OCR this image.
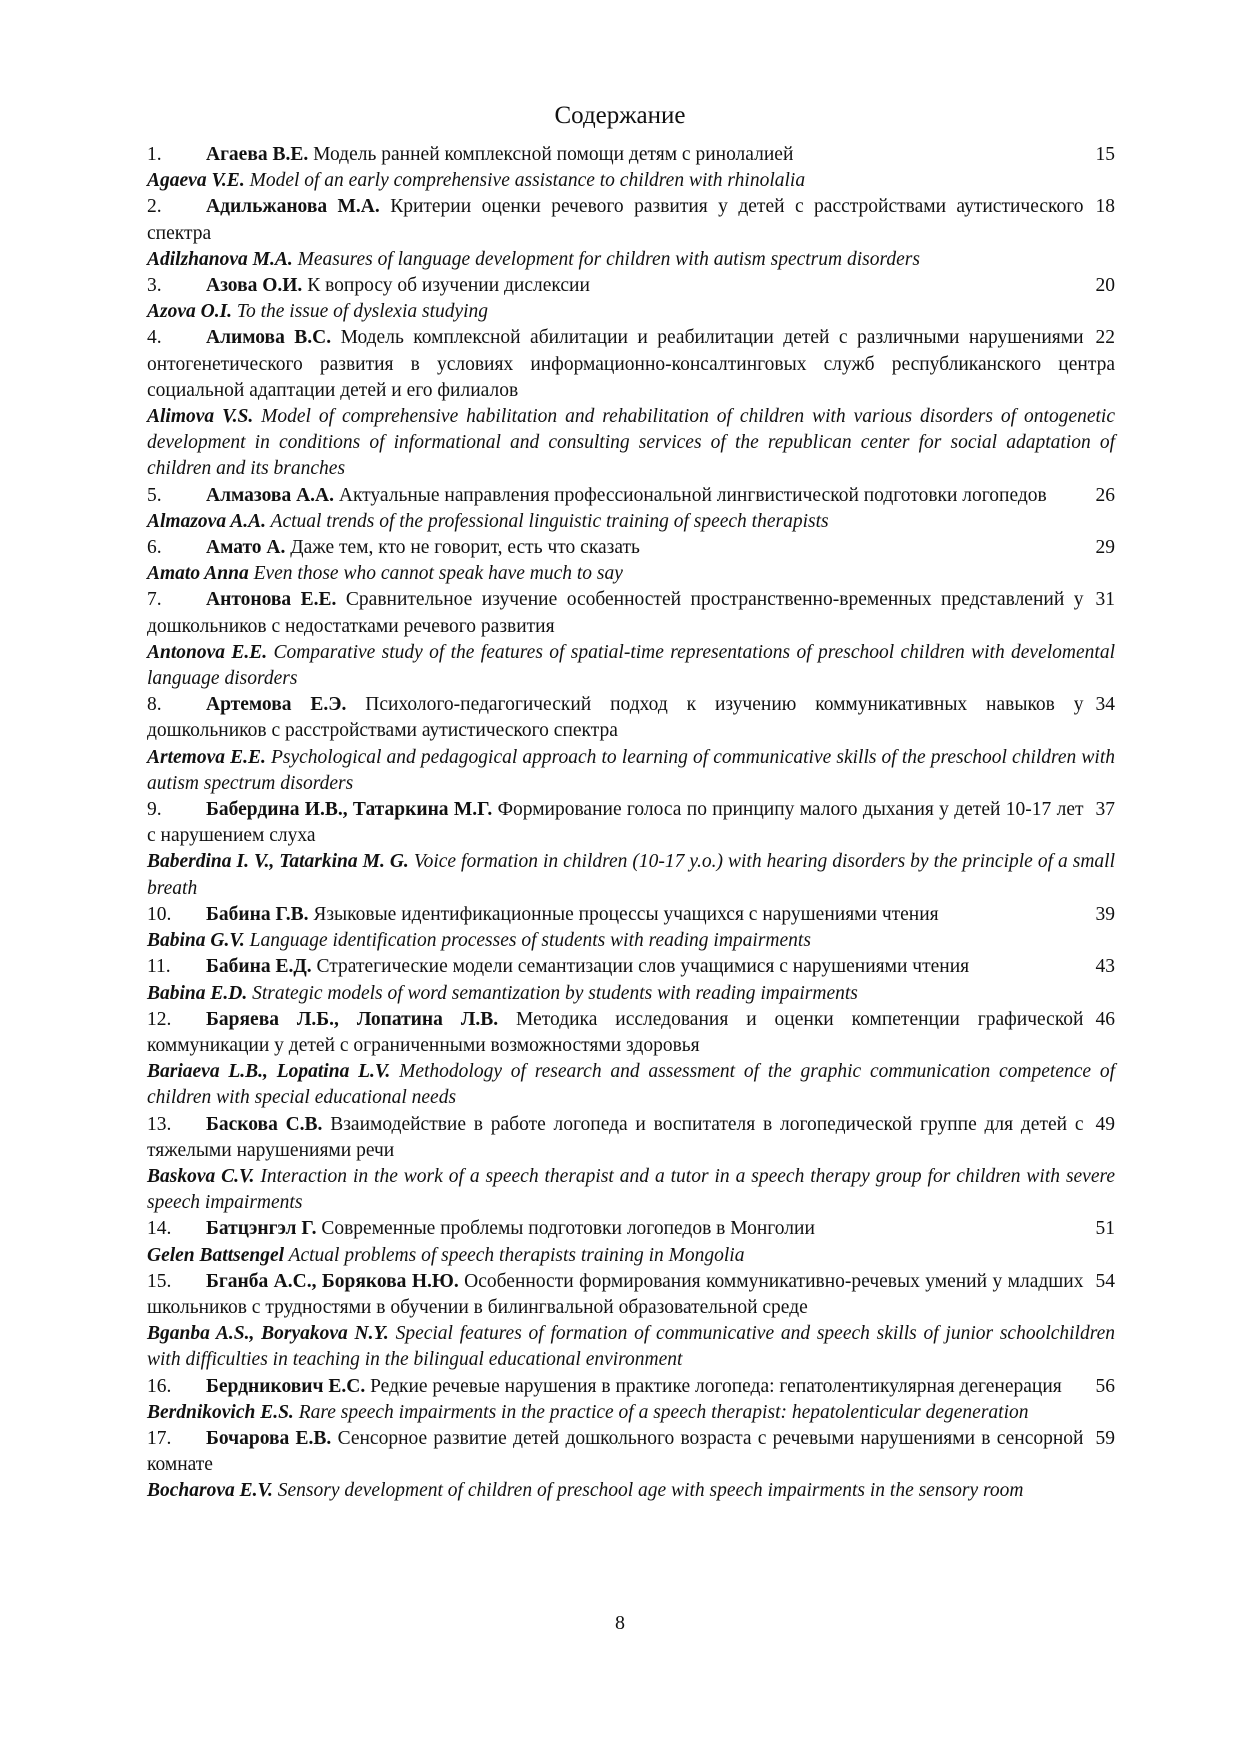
Содержание
15
1. Агаева В.Е. Модель ранней комплексной помощи детям с ринолалией
Agaeva V.E. Model of an early comprehensive assistance to children with rhinolalia
18
2. Адильжанова М.А. Критерии оценки речевого развития у детей с расстройствами аутистического спектра
Adilzhanova M.A. Measures of language development for children with autism spectrum disorders
20
3. Азова О.И. К вопросу об изучении дислексии
Azova O.I. To the issue of dyslexia studying
22
4. Алимова В.С. Модель комплексной абилитации и реабилитации детей с различными нарушениями онтогенетического развития в условиях информационно-консалтинговых служб республиканского центра социальной адаптации детей и его филиалов
Alimova V.S. Model of comprehensive habilitation and rehabilitation of children with various disorders of ontogenetic development in conditions of informational and consulting services of the republican center for social adaptation of children and its branches
26
5. Алмазова А.А. Актуальные направления профессиональной лингвистической подготовки логопедов
Almazova A.A. Actual trends of the professional linguistic training of speech therapists
29
6. Амато А. Даже тем, кто не говорит, есть что сказать
Amato Anna Even those who cannot speak have much to say
31
7. Антонова Е.Е. Сравнительное изучение особенностей пространственно-временных представлений у дошкольников с недостатками речевого развития
Antonova E.E. Comparative study of the features of spatial-time representations of preschool children with develomental language disorders
34
8. Артемова Е.Э. Психолого-педагогический подход к изучению коммуникативных навыков у дошкольников с расстройствами аутистического спектра
Artemova E.E. Psychological and pedagogical approach to learning of communicative skills of the preschool children with autism spectrum disorders
37
9. Бабердина И.В., Татаркина М.Г. Формирование голоса по принципу малого дыхания у детей 10-17 лет с нарушением слуха
Baberdina I. V., Tatarkina M. G. Voice formation in children (10-17 y.o.) with hearing disorders by the principle of a small breath
39
10. Бабина Г.В. Языковые идентификационные процессы учащихся с нарушениями чтения
Babina G.V. Language identification processes of students with reading impairments
43
11. Бабина Е.Д. Стратегические модели семантизации слов учащимися с нарушениями чтения
Babina E.D. Strategic models of word semantization by students with reading impairments
46
12. Баряева Л.Б., Лопатина Л.В. Методика исследования и оценки компетенции графической коммуникации у детей с ограниченными возможностями здоровья
Bariaeva L.B., Lopatina L.V. Methodology of research and assessment of the graphic communication competence of children with special educational needs
49
13. Баскова С.В. Взаимодействие в работе логопеда и воспитателя в логопедической группе для детей с тяжелыми нарушениями речи
Baskova C.V. Interaction in the work of a speech therapist and a tutor in a speech therapy group for children with severe speech impairments
51
14. Батцэнгэл Г. Современные проблемы подготовки логопедов в Монголии
Gelen Battsengel Actual problems of speech therapists training in Mongolia
54
15. Бганба А.С., Борякова Н.Ю. Особенности формирования коммуникативно-речевых умений у младших школьников с трудностями в обучении в билингвальной образовательной среде
Bganba A.S., Boryakova N.Y. Special features of formation of communicative and speech skills of junior schoolchildren with difficulties in teaching in the bilingual educational environment
56
16. Бердникович Е.С. Редкие речевые нарушения в практике логопеда: гепатолентикулярная дегенерация
Berdnikovich E.S. Rare speech impairments in the practice of a speech therapist: hepatolenticular degeneration
59
17. Бочарова Е.В. Сенсорное развитие детей дошкольного возраста с речевыми нарушениями в сенсорной комнате
Bocharova E.V. Sensory development of children of preschool age with speech impairments in the sensory room
8
